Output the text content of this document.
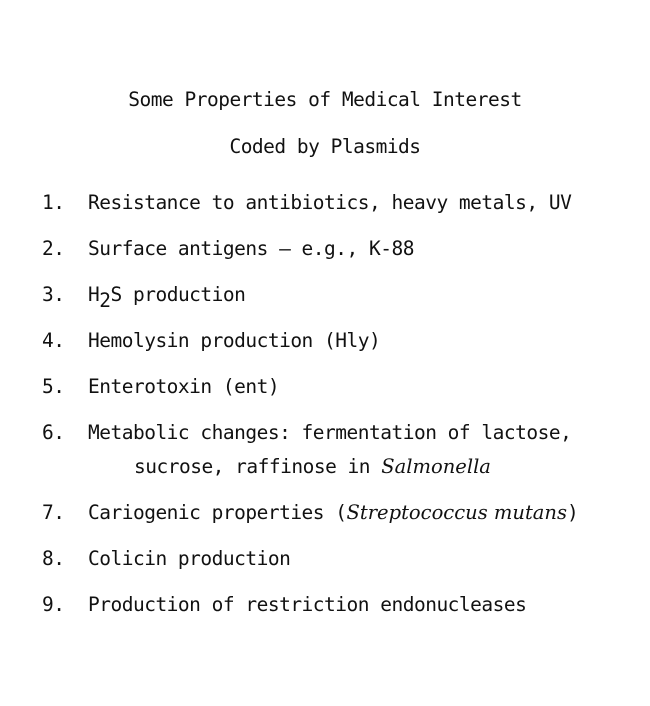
Some Properties of Medical Interest
Coded by Plasmids
1. Resistance to antibiotics, heavy metals, UV
2. Surface antigens — e.g., K-88
3. H2S production
4. Hemolysin production (Hly)
5. Enterotoxin (ent)
6. Metabolic changes: fermentation of lactose,
sucrose, raffinose in Salmonella
7. Cariogenic properties (Streptococcus mutans)
8. Colicin production
9. Production of restriction endonucleases
